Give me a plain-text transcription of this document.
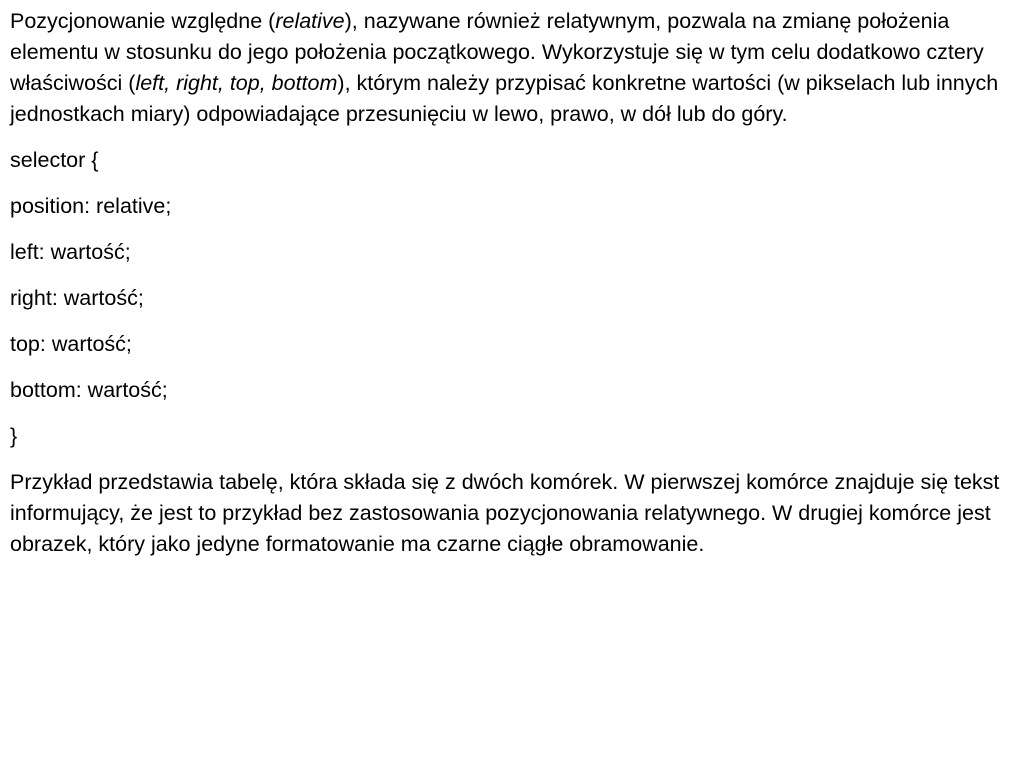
Pozycjonowanie względne (relative), nazywane również relatywnym, pozwala na zmianę położenia elementu w stosunku do jego położenia początkowego. Wykorzystuje się w tym celu dodatkowo cztery właściwości (left, right, top, bottom), którym należy przypisać konkretne wartości (w pikselach lub innych jednostkach miary) odpowiadające przesunięciu w lewo, prawo, w dół lub do góry.

selector {

position: relative;

left: wartość;

right: wartość;

top: wartość;

bottom: wartość;

}

Przykład przedstawia tabelę, która składa się z dwóch komórek. W pierwszej komórce znajduje się tekst informujący, że jest to przykład bez zastosowania pozycjonowania relatywnego. W drugiej komórce jest obrazek, który jako jedyne formatowanie ma czarne ciągłe obramowanie.
